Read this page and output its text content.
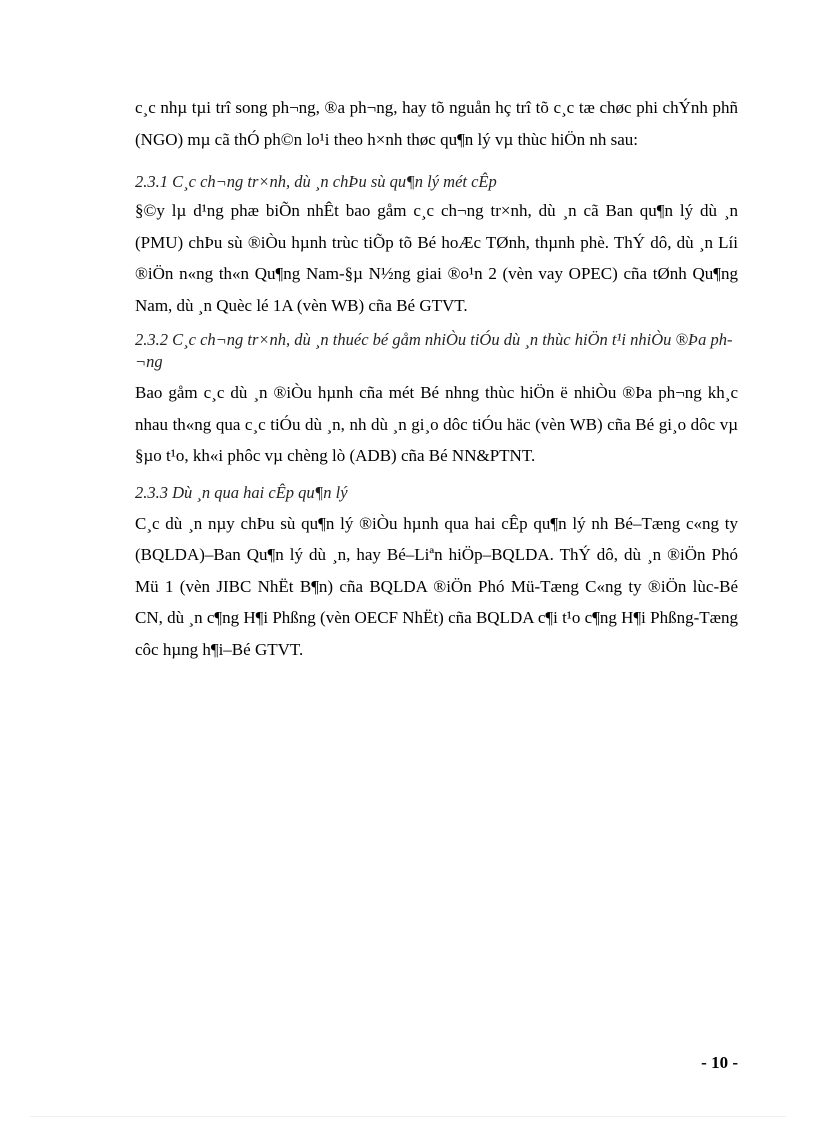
c¸c nhµ tµi trî song ph¬ng, ®a ph¬ng, hay tõ nguån hç trî tõ c¸c tæ chøc phi chÝnh phñ (NGO) mµ cã thÓ ph©n lo¹i theo h×nh thøc qu¶n lý vµ thùc hiÖn nh sau:

2.3.1 C¸c ch¬ng tr×nh, dù ¸n chÞu sù qu¶n lý mét cÊp

§©y lµ d¹ng phæ biÕn nhÊt bao gåm c¸c ch¬ng tr×nh, dù ¸n cã Ban qu¶n lý dù ¸n (PMU) chÞu sù ®iÒu hµnh trùc tiÕp tõ Bé hoÆc TØnh, thµnh phè. ThÝ dô, dù ¸n Líi ®iÖn n«ng th«n Qu¶ng Nam-§µ N½ng giai ®o¹n 2 (vèn vay OPEC) cña tØnh Qu¶ng Nam, dù ¸n Quèc lé 1A (vèn WB) cña Bé GTVT.

2.3.2 C¸c ch¬ng tr×nh, dù ¸n thuéc bé gåm nhiÒu tiÓu dù ¸n thùc hiÖn t¹i nhiÒu ®Þa ph¬ng

Bao gåm c¸c dù ¸n ®iÒu hµnh cña mét Bé nhng thùc hiÖn ë nhiÒu ®Þa ph¬ng kh¸c nhau th«ng qua c¸c tiÓu dù ¸n, nh dù ¸n gi¸o dôc tiÓu häc (vèn WB) cña Bé gi¸o dôc vµ §µo t¹o, kh«i phôc vµ chèng lò (ADB) cña Bé NN&PTNT.

2.3.3 Dù ¸n qua hai cÊp qu¶n lý

C¸c dù ¸n nµy chÞu sù qu¶n lý ®iÒu hµnh qua hai cÊp qu¶n lý nh Bé–Tæng c«ng ty (BQLDA)–Ban Qu¶n lý dù ¸n, hay Bé–Liªn hiÖp–BQLDA. ThÝ dô, dù ¸n ®iÖn Phó Mü 1 (vèn JIBC NhËt B¶n) cña BQLDA ®iÖn Phó Mü-Tæng C«ng ty ®iÖn lùc-Bé CN, dù ¸n c¶ng H¶i Phßng (vèn OECF NhËt) cña BQLDA c¶i t¹o c¶ng H¶i Phßng-Tæng côc hµng h¶i–Bé GTVT.

- 10 -
